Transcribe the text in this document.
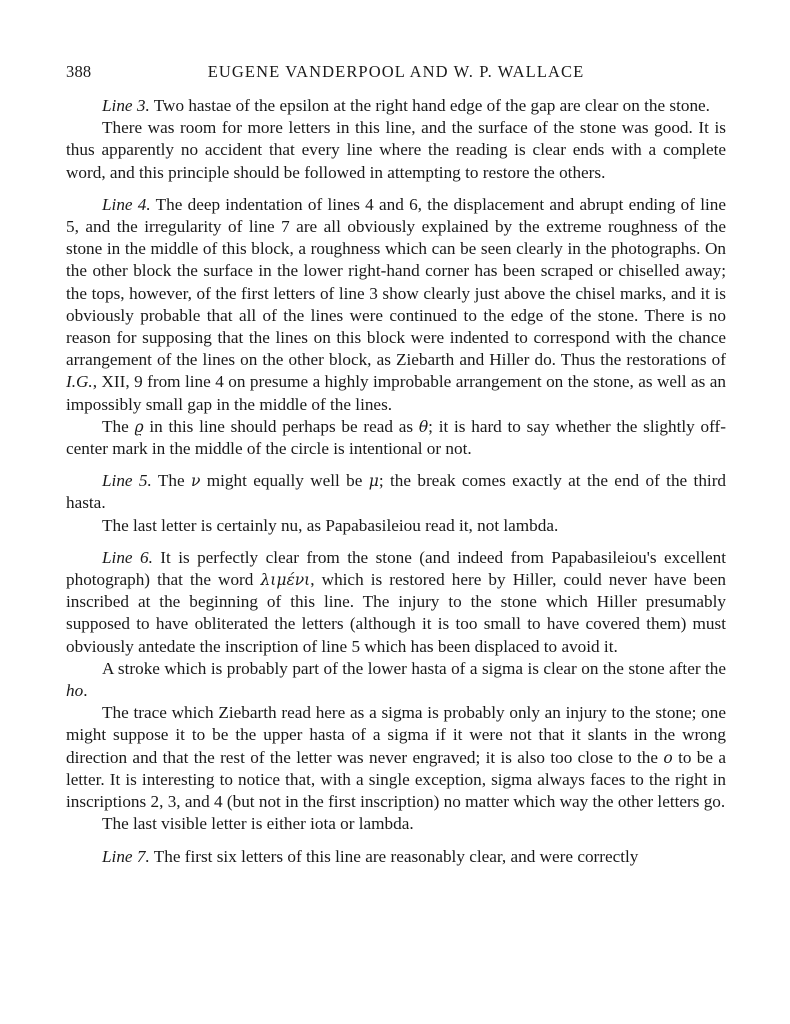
388	EUGENE VANDERPOOL AND W. P. WALLACE

Line 3. Two hastae of the epsilon at the right hand edge of the gap are clear on the stone.

There was room for more letters in this line, and the surface of the stone was good. It is thus apparently no accident that every line where the reading is clear ends with a complete word, and this principle should be followed in attempting to restore the others.

Line 4. The deep indentation of lines 4 and 6, the displacement and abrupt ending of line 5, and the irregularity of line 7 are all obviously explained by the extreme roughness of the stone in the middle of this block, a roughness which can be seen clearly in the photographs. On the other block the surface in the lower right-hand corner has been scraped or chiselled away; the tops, however, of the first letters of line 3 show clearly just above the chisel marks, and it is obviously probable that all of the lines were continued to the edge of the stone. There is no reason for supposing that the lines on this block were indented to correspond with the chance arrangement of the lines on the other block, as Ziebarth and Hiller do. Thus the restorations of I.G., XII, 9 from line 4 on presume a highly improbable arrangement on the stone, as well as an impossibly small gap in the middle of the lines.

The ϱ in this line should perhaps be read as θ; it is hard to say whether the slightly off-center mark in the middle of the circle is intentional or not.

Line 5. The ν might equally well be μ; the break comes exactly at the end of the third hasta.

The last letter is certainly nu, as Papabasileiou read it, not lambda.

Line 6. It is perfectly clear from the stone (and indeed from Papabasileiou's excellent photograph) that the word λιμένι, which is restored here by Hiller, could never have been inscribed at the beginning of this line. The injury to the stone which Hiller presumably supposed to have obliterated the letters (although it is too small to have covered them) must obviously antedate the inscription of line 5 which has been displaced to avoid it.

A stroke which is probably part of the lower hasta of a sigma is clear on the stone after the ho.

The trace which Ziebarth read here as a sigma is probably only an injury to the stone; one might suppose it to be the upper hasta of a sigma if it were not that it slants in the wrong direction and that the rest of the letter was never engraved; it is also too close to the o to be a letter. It is interesting to notice that, with a single exception, sigma always faces to the right in inscriptions 2, 3, and 4 (but not in the first inscription) no matter which way the other letters go.

The last visible letter is either iota or lambda.

Line 7. The first six letters of this line are reasonably clear, and were correctly
